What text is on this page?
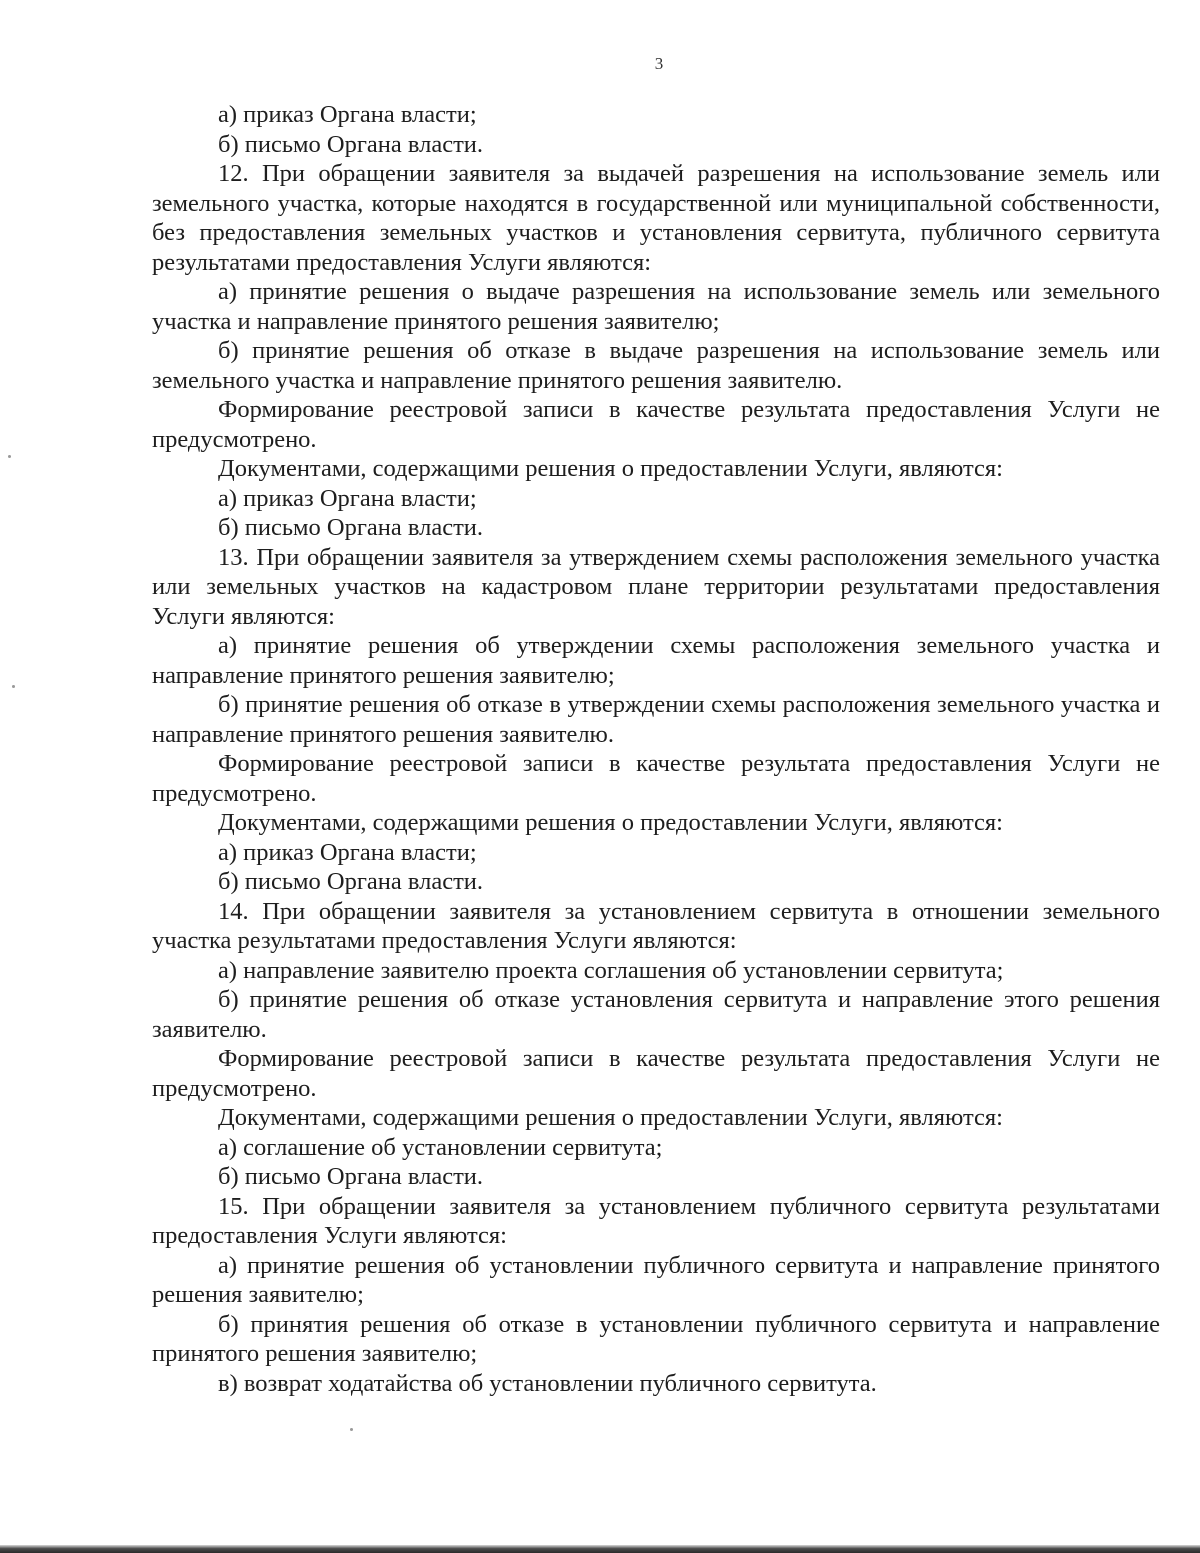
3

а) приказ Органа власти;

б) письмо Органа власти.

12. При обращении заявителя за выдачей разрешения на использование земель или земельного участка, которые находятся в государственной или муниципальной собственности, без предоставления земельных участков и установления сервитута, публичного сервитута результатами предоставления Услуги являются:

а) принятие решения о выдаче разрешения на использование земель или земельного участка и направление принятого решения заявителю;

б) принятие решения об отказе в выдаче разрешения на использование земель или земельного участка и направление принятого решения заявителю.

Формирование реестровой записи в качестве результата предоставления Услуги не предусмотрено.

Документами, содержащими решения о предоставлении Услуги, являются:

а) приказ Органа власти;

б) письмо Органа власти.

13. При обращении заявителя за утверждением схемы расположения земельного участка или земельных участков на кадастровом плане территории результатами предоставления Услуги являются:

а) принятие решения об утверждении схемы расположения земельного участка и направление принятого решения заявителю;

б) принятие решения об отказе в утверждении схемы расположения земельного участка и направление принятого решения заявителю.

Формирование реестровой записи в качестве результата предоставления Услуги не предусмотрено.

Документами, содержащими решения о предоставлении Услуги, являются:

а) приказ Органа власти;

б) письмо Органа власти.

14. При обращении заявителя за установлением сервитута в отношении земельного участка результатами предоставления Услуги являются:

а) направление заявителю проекта соглашения об установлении сервитута;

б) принятие решения об отказе установления сервитута и направление этого решения заявителю.

Формирование реестровой записи в качестве результата предоставления Услуги не предусмотрено.

Документами, содержащими решения о предоставлении Услуги, являются:

а) соглашение об установлении сервитута;

б) письмо Органа власти.

15. При обращении заявителя за установлением публичного сервитута результатами предоставления Услуги являются:

а) принятие решения об установлении публичного сервитута и направление принятого решения заявителю;

б) принятия решения об отказе в установлении публичного сервитута и направление принятого решения заявителю;

в) возврат ходатайства об установлении публичного сервитута.
